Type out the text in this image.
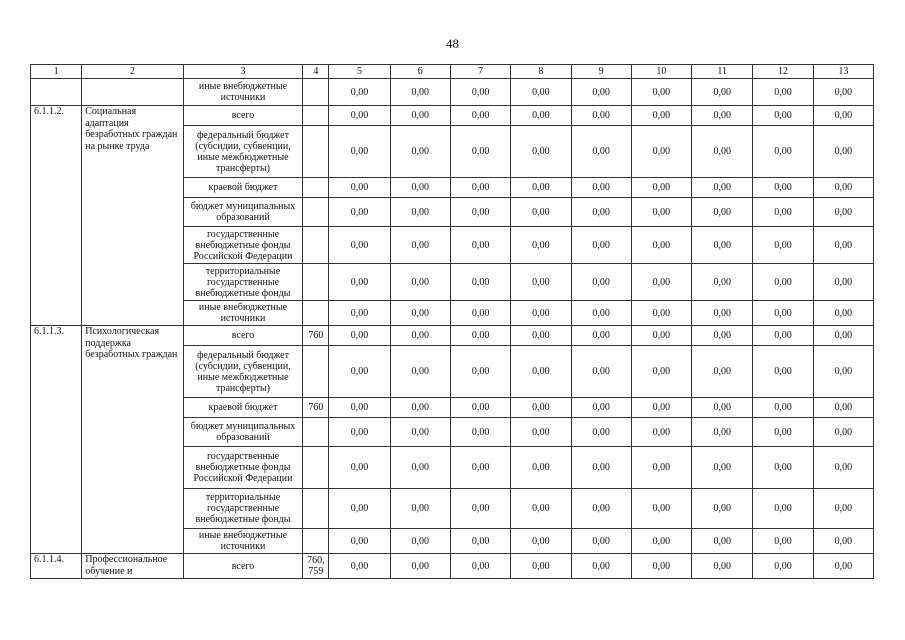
48
1	2	3	4	5	6	7	8	9	10	11	12	13
		иные внебюджетные источники		0,00	0,00	0,00	0,00	0,00	0,00	0,00	0,00	0,00
6.1.1.2.	Социальная адаптация безработных граждан на рынке труда	всего		0,00	0,00	0,00	0,00	0,00	0,00	0,00	0,00	0,00
		федеральный бюджет (субсидии, субвенции, иные межбюджетные трансферты)		0,00	0,00	0,00	0,00	0,00	0,00	0,00	0,00	0,00
		краевой бюджет		0,00	0,00	0,00	0,00	0,00	0,00	0,00	0,00	0,00
		бюджет муниципальных образований		0,00	0,00	0,00	0,00	0,00	0,00	0,00	0,00	0,00
		государственные внебюджетные фонды Российской Федерации		0,00	0,00	0,00	0,00	0,00	0,00	0,00	0,00	0,00
		территориальные государственные внебюджетные фонды		0,00	0,00	0,00	0,00	0,00	0,00	0,00	0,00	0,00
		иные внебюджетные источники		0,00	0,00	0,00	0,00	0,00	0,00	0,00	0,00	0,00
6.1.1.3.	Психологическая поддержка безработных граждан	всего	760	0,00	0,00	0,00	0,00	0,00	0,00	0,00	0,00	0,00
		федеральный бюджет (субсидии, субвенции, иные межбюджетные трансферты)		0,00	0,00	0,00	0,00	0,00	0,00	0,00	0,00	0,00
		краевой бюджет	760	0,00	0,00	0,00	0,00	0,00	0,00	0,00	0,00	0,00
		бюджет муниципальных образований		0,00	0,00	0,00	0,00	0,00	0,00	0,00	0,00	0,00
		государственные внебюджетные фонды Российской Федерации		0,00	0,00	0,00	0,00	0,00	0,00	0,00	0,00	0,00
		территориальные государственные внебюджетные фонды		0,00	0,00	0,00	0,00	0,00	0,00	0,00	0,00	0,00
		иные внебюджетные источники		0,00	0,00	0,00	0,00	0,00	0,00	0,00	0,00	0,00
6.1.1.4.	Профессиональное обучение и	всего	760, 759	0,00	0,00	0,00	0,00	0,00	0,00	0,00	0,00	0,00
